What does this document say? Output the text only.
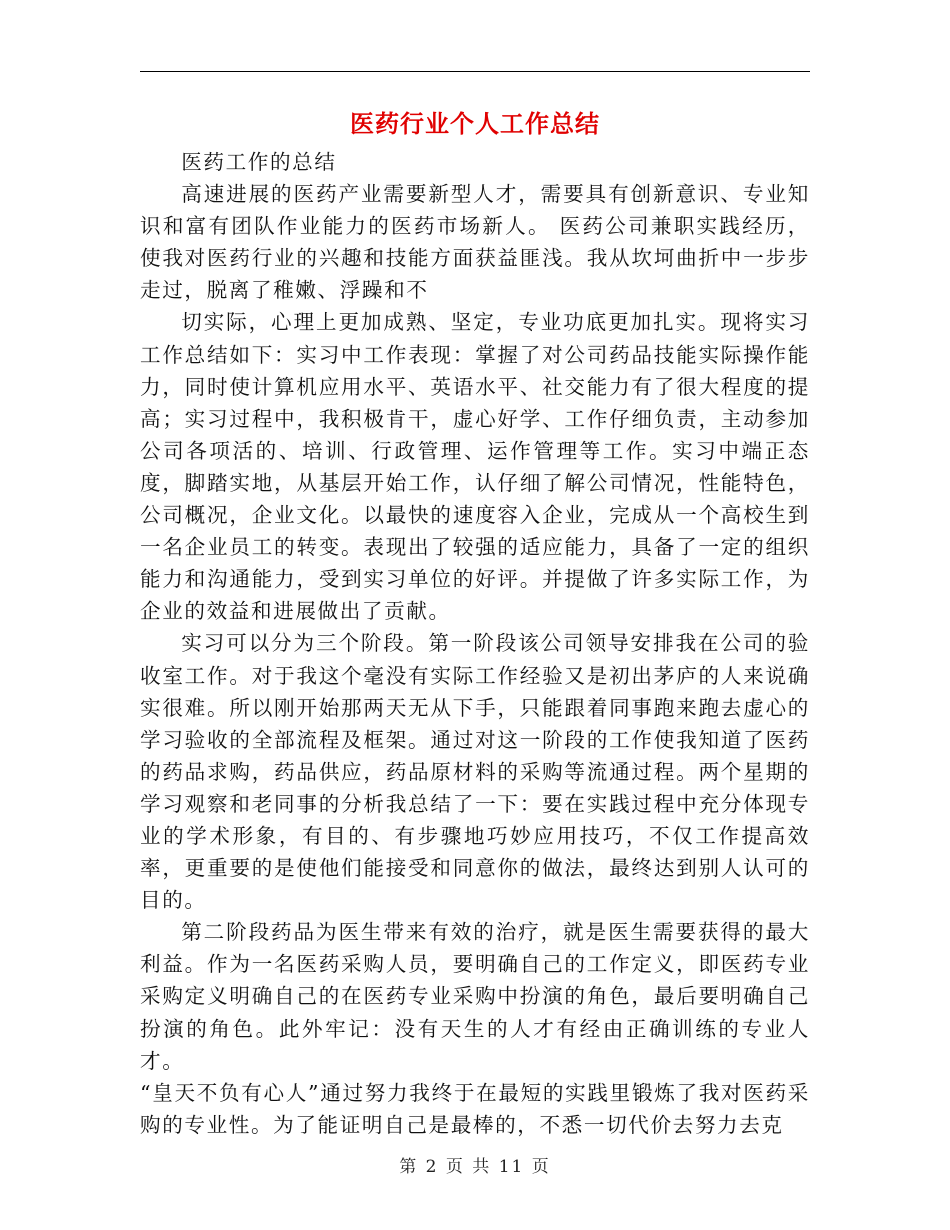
医药行业个人工作总结

医药工作的总结

高速进展的医药产业需要新型人才，需要具有创新意识、专业知识和富有团队作业能力的医药市场新人。 医药公司兼职实践经历，使我对医药行业的兴趣和技能方面获益匪浅。我从坎坷曲折中一步步走过，脱离了稚嫩、浮躁和不

切实际，心理上更加成熟、坚定，专业功底更加扎实。现将实习工作总结如下：实习中工作表现：掌握了对公司药品技能实际操作能力，同时使计算机应用水平、英语水平、社交能力有了很大程度的提高；实习过程中，我积极肯干，虚心好学、工作仔细负责，主动参加公司各项活的、培训、行政管理、运作管理等工作。实习中端正态度，脚踏实地，从基层开始工作，认仔细了解公司情况，性能特色，公司概况，企业文化。以最快的速度容入企业，完成从一个高校生到一名企业员工的转变。表现出了较强的适应能力，具备了一定的组织能力和沟通能力，受到实习单位的好评。并提做了许多实际工作，为企业的效益和进展做出了贡献。

实习可以分为三个阶段。第一阶段该公司领导安排我在公司的验收室工作。对于我这个毫没有实际工作经验又是初出茅庐的人来说确实很难。所以刚开始那两天无从下手，只能跟着同事跑来跑去虚心的学习验收的全部流程及框架。通过对这一阶段的工作使我知道了医药的药品求购，药品供应，药品原材料的采购等流通过程。两个星期的学习观察和老同事的分析我总结了一下：要在实践过程中充分体现专业的学术形象，有目的、有步骤地巧妙应用技巧，不仅工作提高效率，更重要的是使他们能接受和同意你的做法，最终达到别人认可的目的。

第二阶段药品为医生带来有效的治疗，就是医生需要获得的最大利益。作为一名医药采购人员，要明确自己的工作定义，即医药专业采购定义明确自己的在医药专业采购中扮演的角色，最后要明确自己扮演的角色。此外牢记：没有天生的人才有经由正确训练的专业人才。

“皇天不负有心人”通过努力我终于在最短的实践里锻炼了我对医药采购的专业性。为了能证明自己是最棒的，不悉一切代价去努力去克

第 2 页 共 11 页
